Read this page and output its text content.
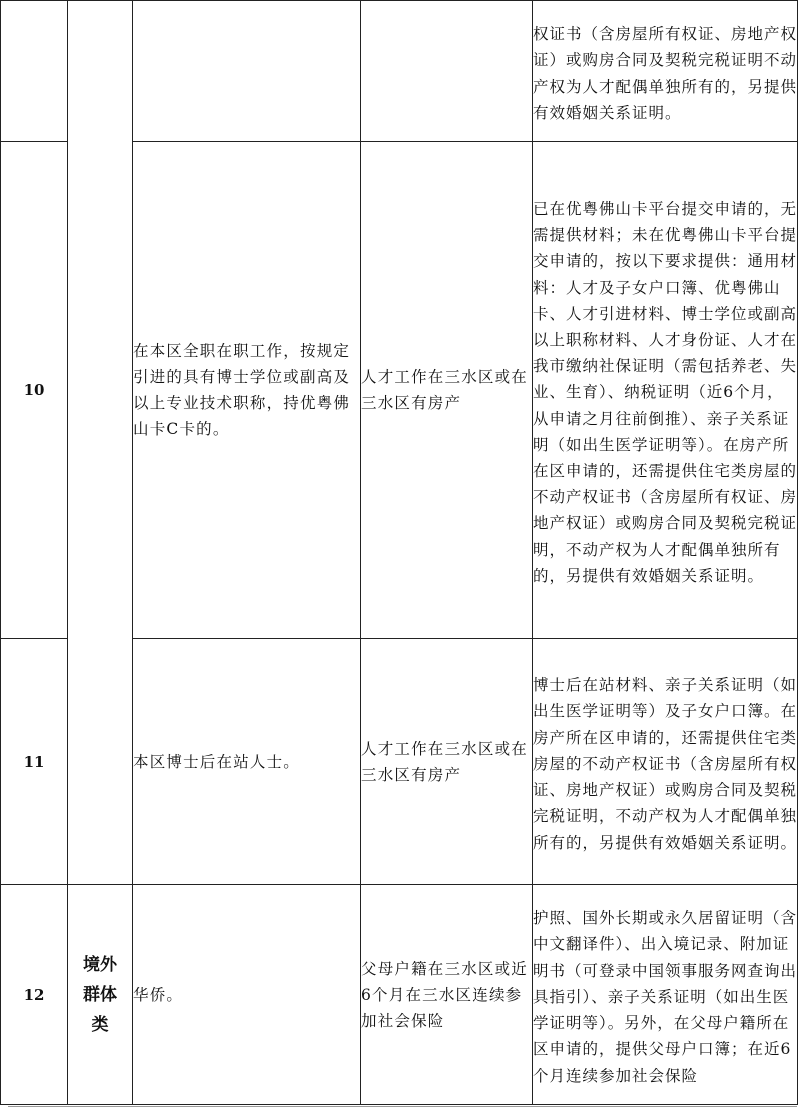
				权证书（含房屋所有权证、房地产权证）或购房合同及契税完税证明不动产权为人才配偶单独所有的，另提供有效婚姻关系证明。
10		在本区全职在职工作，按规定引进的具有博士学位或副高及以上专业技术职称，持优粤佛山卡C卡的。	人才工作在三水区或在三水区有房产	已在优粤佛山卡平台提交申请的，无需提供材料；未在优粤佛山卡平台提交申请的，按以下要求提供：通用材料：人才及子女户口簿、优粤佛山卡、人才引进材料、博士学位或副高以上职称材料、人才身份证、人才在我市缴纳社保证明（需包括养老、失业、生育）、纳税证明（近6个月，从申请之月往前倒推）、亲子关系证明（如出生医学证明等）。在房产所在区申请的，还需提供住宅类房屋的不动产权证书（含房屋所有权证、房地产权证）或购房合同及契税完税证明，不动产权为人才配偶单独所有的，另提供有效婚姻关系证明。
11		本区博士后在站人士。	人才工作在三水区或在三水区有房产	博士后在站材料、亲子关系证明（如出生医学证明等）及子女户口簿。在房产所在区申请的，还需提供住宅类房屋的不动产权证书（含房屋所有权证、房地产权证）或购房合同及契税完税证明，不动产权为人才配偶单独所有的，另提供有效婚姻关系证明。
12	境外群体类	华侨。	父母户籍在三水区或近6个月在三水区连续参加社会保险	护照、国外长期或永久居留证明（含中文翻译件）、出入境记录、附加证明书（可登录中国领事服务网查询出具指引）、亲子关系证明（如出生医学证明等）。另外，在父母户籍所在区申请的，提供父母户口簿；在近6个月连续参加社会保险
